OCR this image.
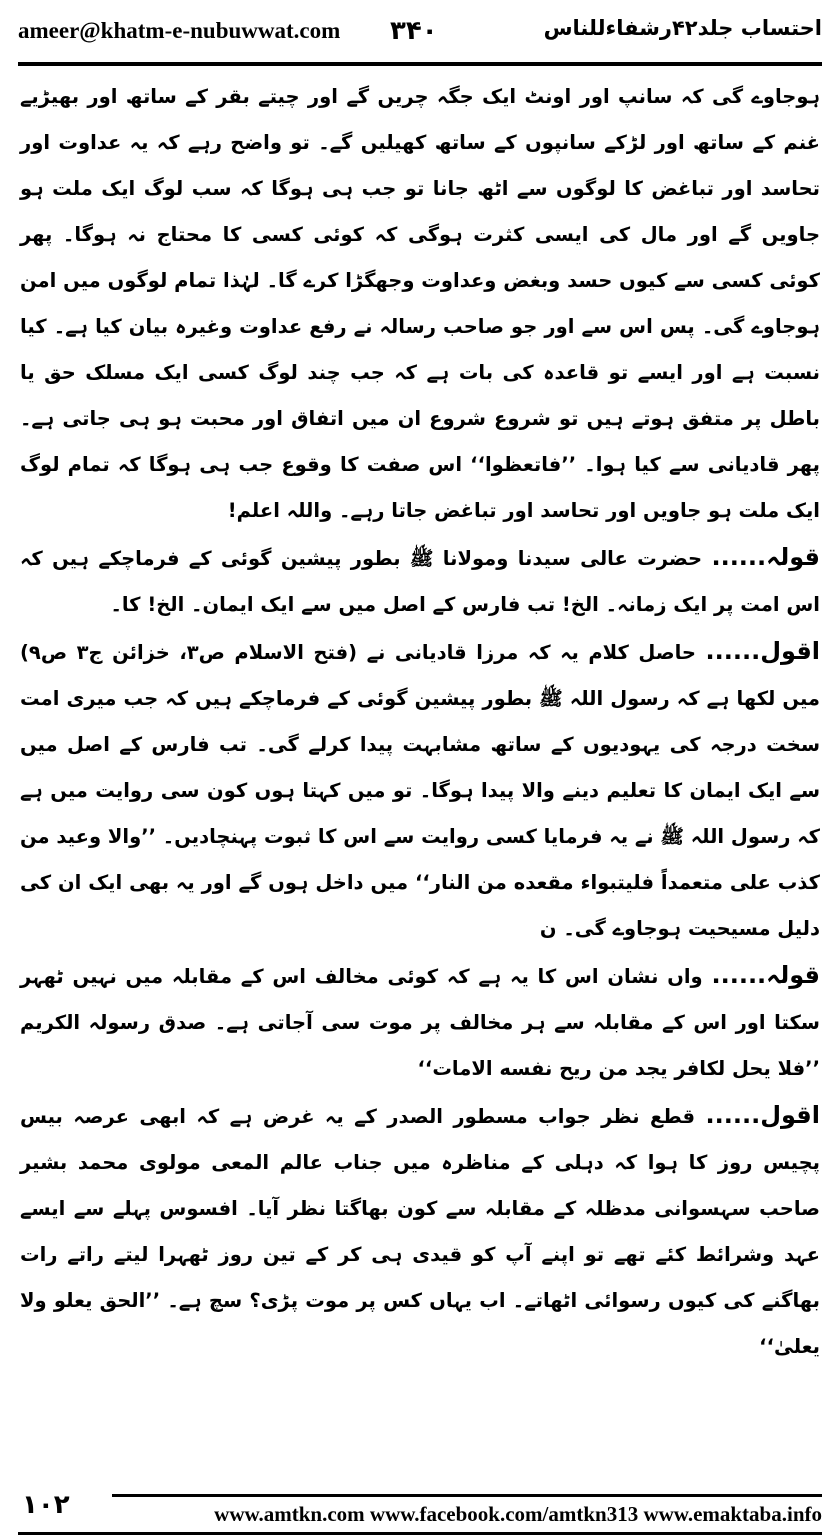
ameer@khatm-e-nubuwwat.com ۳۴۰	احتساب جلد۴۲رشفاءللناس

ہوجاوے گی کہ سانپ اور اونٹ ایک جگہ چریں گے اور چیتے بقر کے ساتھ اور بھیڑیے غنم کے ساتھ اور لڑکے سانپوں کے ساتھ کھیلیں گے۔ تو واضح رہے کہ یہ عداوت اور تحاسد اور تباغض کا لوگوں سے اٹھ جانا تو جب ہی ہوگا کہ سب لوگ ایک ملت ہو جاویں گے اور مال کی ایسی کثرت ہوگی کہ کوئی کسی کا محتاج نہ ہوگا۔ پھر کوئی کسی سے کیوں حسد وبغض وعداوت وجھگڑا کرے گا۔ لہٰذا تمام لوگوں میں امن ہوجاوے گی۔ پس اس سے اور جو صاحب رسالہ نے رفع عداوت وغیرہ بیان کیا ہے۔ کیا نسبت ہے اور ایسے تو قاعدہ کی بات ہے کہ جب چند لوگ کسی ایک مسلک حق یا باطل پر متفق ہوتے ہیں تو شروع شروع ان میں اتفاق اور محبت ہو ہی جاتی ہے۔ پھر قادیانی سے کیا ہوا۔ ’’فاتعظوا‘‘ اس صفت کا وقوع جب ہی ہوگا کہ تمام لوگ ایک ملت ہو جاویں اور تحاسد اور تباغض جاتا رہے۔ واللہ اعلم!

قولہ...... حضرت عالی سیدنا ومولانا ﷺ بطور پیشین گوئی کے فرماچکے ہیں کہ اس امت پر ایک زمانہ۔ الخ! تب فارس کے اصل میں سے ایک ایمان۔ الخ! کا۔

اقول...... حاصل کلام یہ کہ مرزا قادیانی نے (فتح الاسلام ص۳، خزائن ج۳ ص۹) میں لکھا ہے کہ رسول اللہ ﷺ بطور پیشین گوئی کے فرماچکے ہیں کہ جب میری امت سخت درجہ کی یہودیوں کے ساتھ مشابہت پیدا کرلے گی۔ تب فارس کے اصل میں سے ایک ایمان کا تعلیم دینے والا پیدا ہوگا۔ تو میں کہتا ہوں کون سی روایت میں ہے کہ رسول اللہ ﷺ نے یہ فرمایا کسی روایت سے اس کا ثبوت پہنچادیں۔ ’’والا وعید من کذب علی متعمداً فلیتبواء مقعده من النار‘‘ میں داخل ہوں گے اور یہ بھی ایک ان کی دلیل مسیحیت ہوجاوے گی۔ ن

قولہ...... واں نشان اس کا یہ ہے کہ کوئی مخالف اس کے مقابلہ میں نہیں ٹھہر سکتا اور اس کے مقابلہ سے ہر مخالف پر موت سی آجاتی ہے۔ صدق رسولہ الکریم ’’فلا یحل لکافر یجد من ریح نفسه الامات‘‘

اقول...... قطع نظر جواب مسطور الصدر کے یہ غرض ہے کہ ابھی عرصہ بیس پچیس روز کا ہوا کہ دہلی کے مناظرہ میں جناب عالم المعی مولوی محمد بشیر صاحب سہسوانی مدظلہ کے مقابلہ سے کون بھاگتا نظر آیا۔ افسوس پہلے سے ایسے عہد وشرائط کئے تھے تو اپنے آپ کو قیدی ہی کر کے تین روز ٹھہرا لیتے راتے رات بھاگنے کی کیوں رسوائی اٹھاتے۔ اب یہاں کس پر موت پڑی؟ سچ ہے۔ ’’الحق یعلو ولا یعلیٰ‘‘

۱۰۲	www.amtkn.com www.facebook.com/amtkn313 www.emaktaba.info
